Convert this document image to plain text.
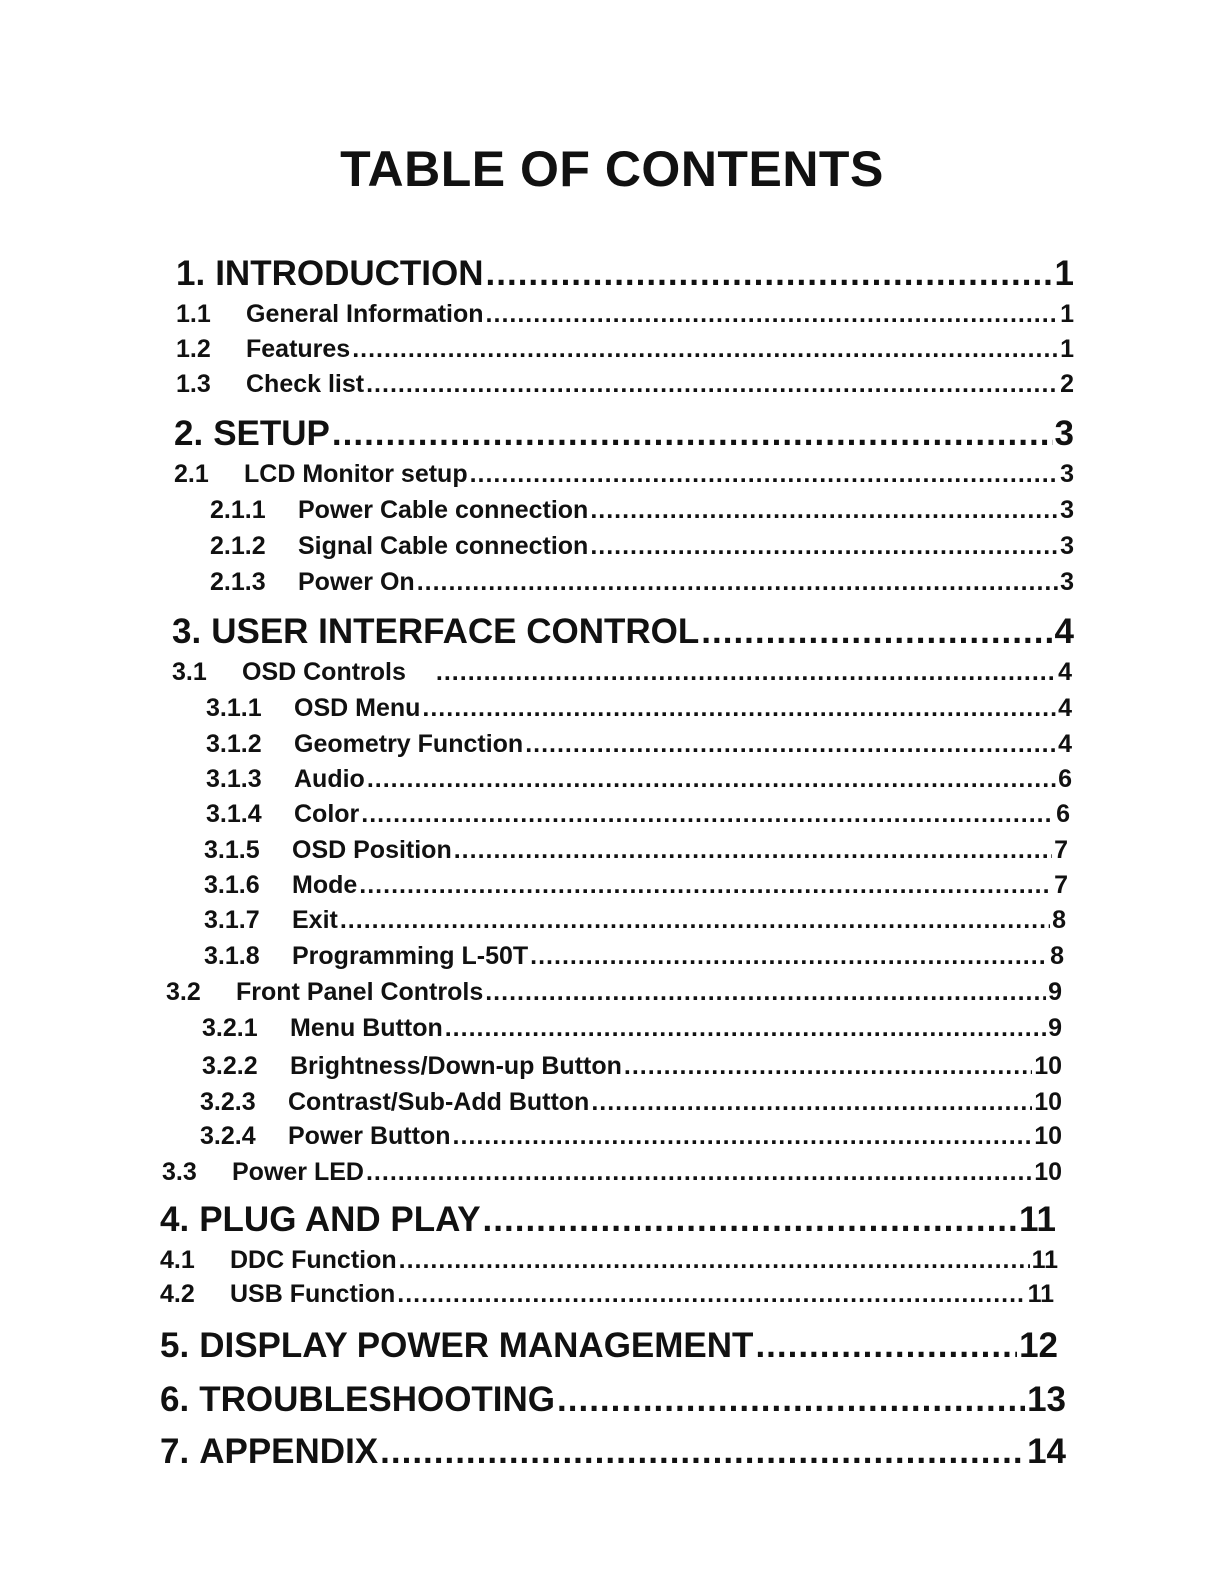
TABLE OF CONTENTS
1. INTRODUCTION .....	1
1.1	General Information .....	1
1.2	Features .....	1
1.3	Check list .....	2
2. SETUP .....	3
2.1	LCD Monitor setup .....	3
2.1.1	Power Cable connection .....	3
2.1.2	Signal Cable connection .....	3
2.1.3	Power On .....	3
3. USER INTERFACE CONTROL .....	4
3.1	OSD Controls .....	4
3.1.1	OSD Menu .....	4
3.1.2	Geometry Function .....	4
3.1.3	Audio .....	6
3.1.4	Color .....	6
3.1.5	OSD Position .....	7
3.1.6	Mode .....	7
3.1.7	Exit .....	8
3.1.8	Programming L-50T .....	8
3.2	Front Panel Controls .....	9
3.2.1	Menu Button .....	9
3.2.2	Brightness/Down-up Button .....	10
3.2.3	Contrast/Sub-Add Button .....	10
3.2.4	Power Button .....	10
3.3	Power LED .....	10
4. PLUG AND PLAY .....	11
4.1	DDC Function .....	11
4.2	USB Function .....	11
5. DISPLAY POWER MANAGEMENT .....	12
6. TROUBLESHOOTING .....	13
7. APPENDIX .....	14
